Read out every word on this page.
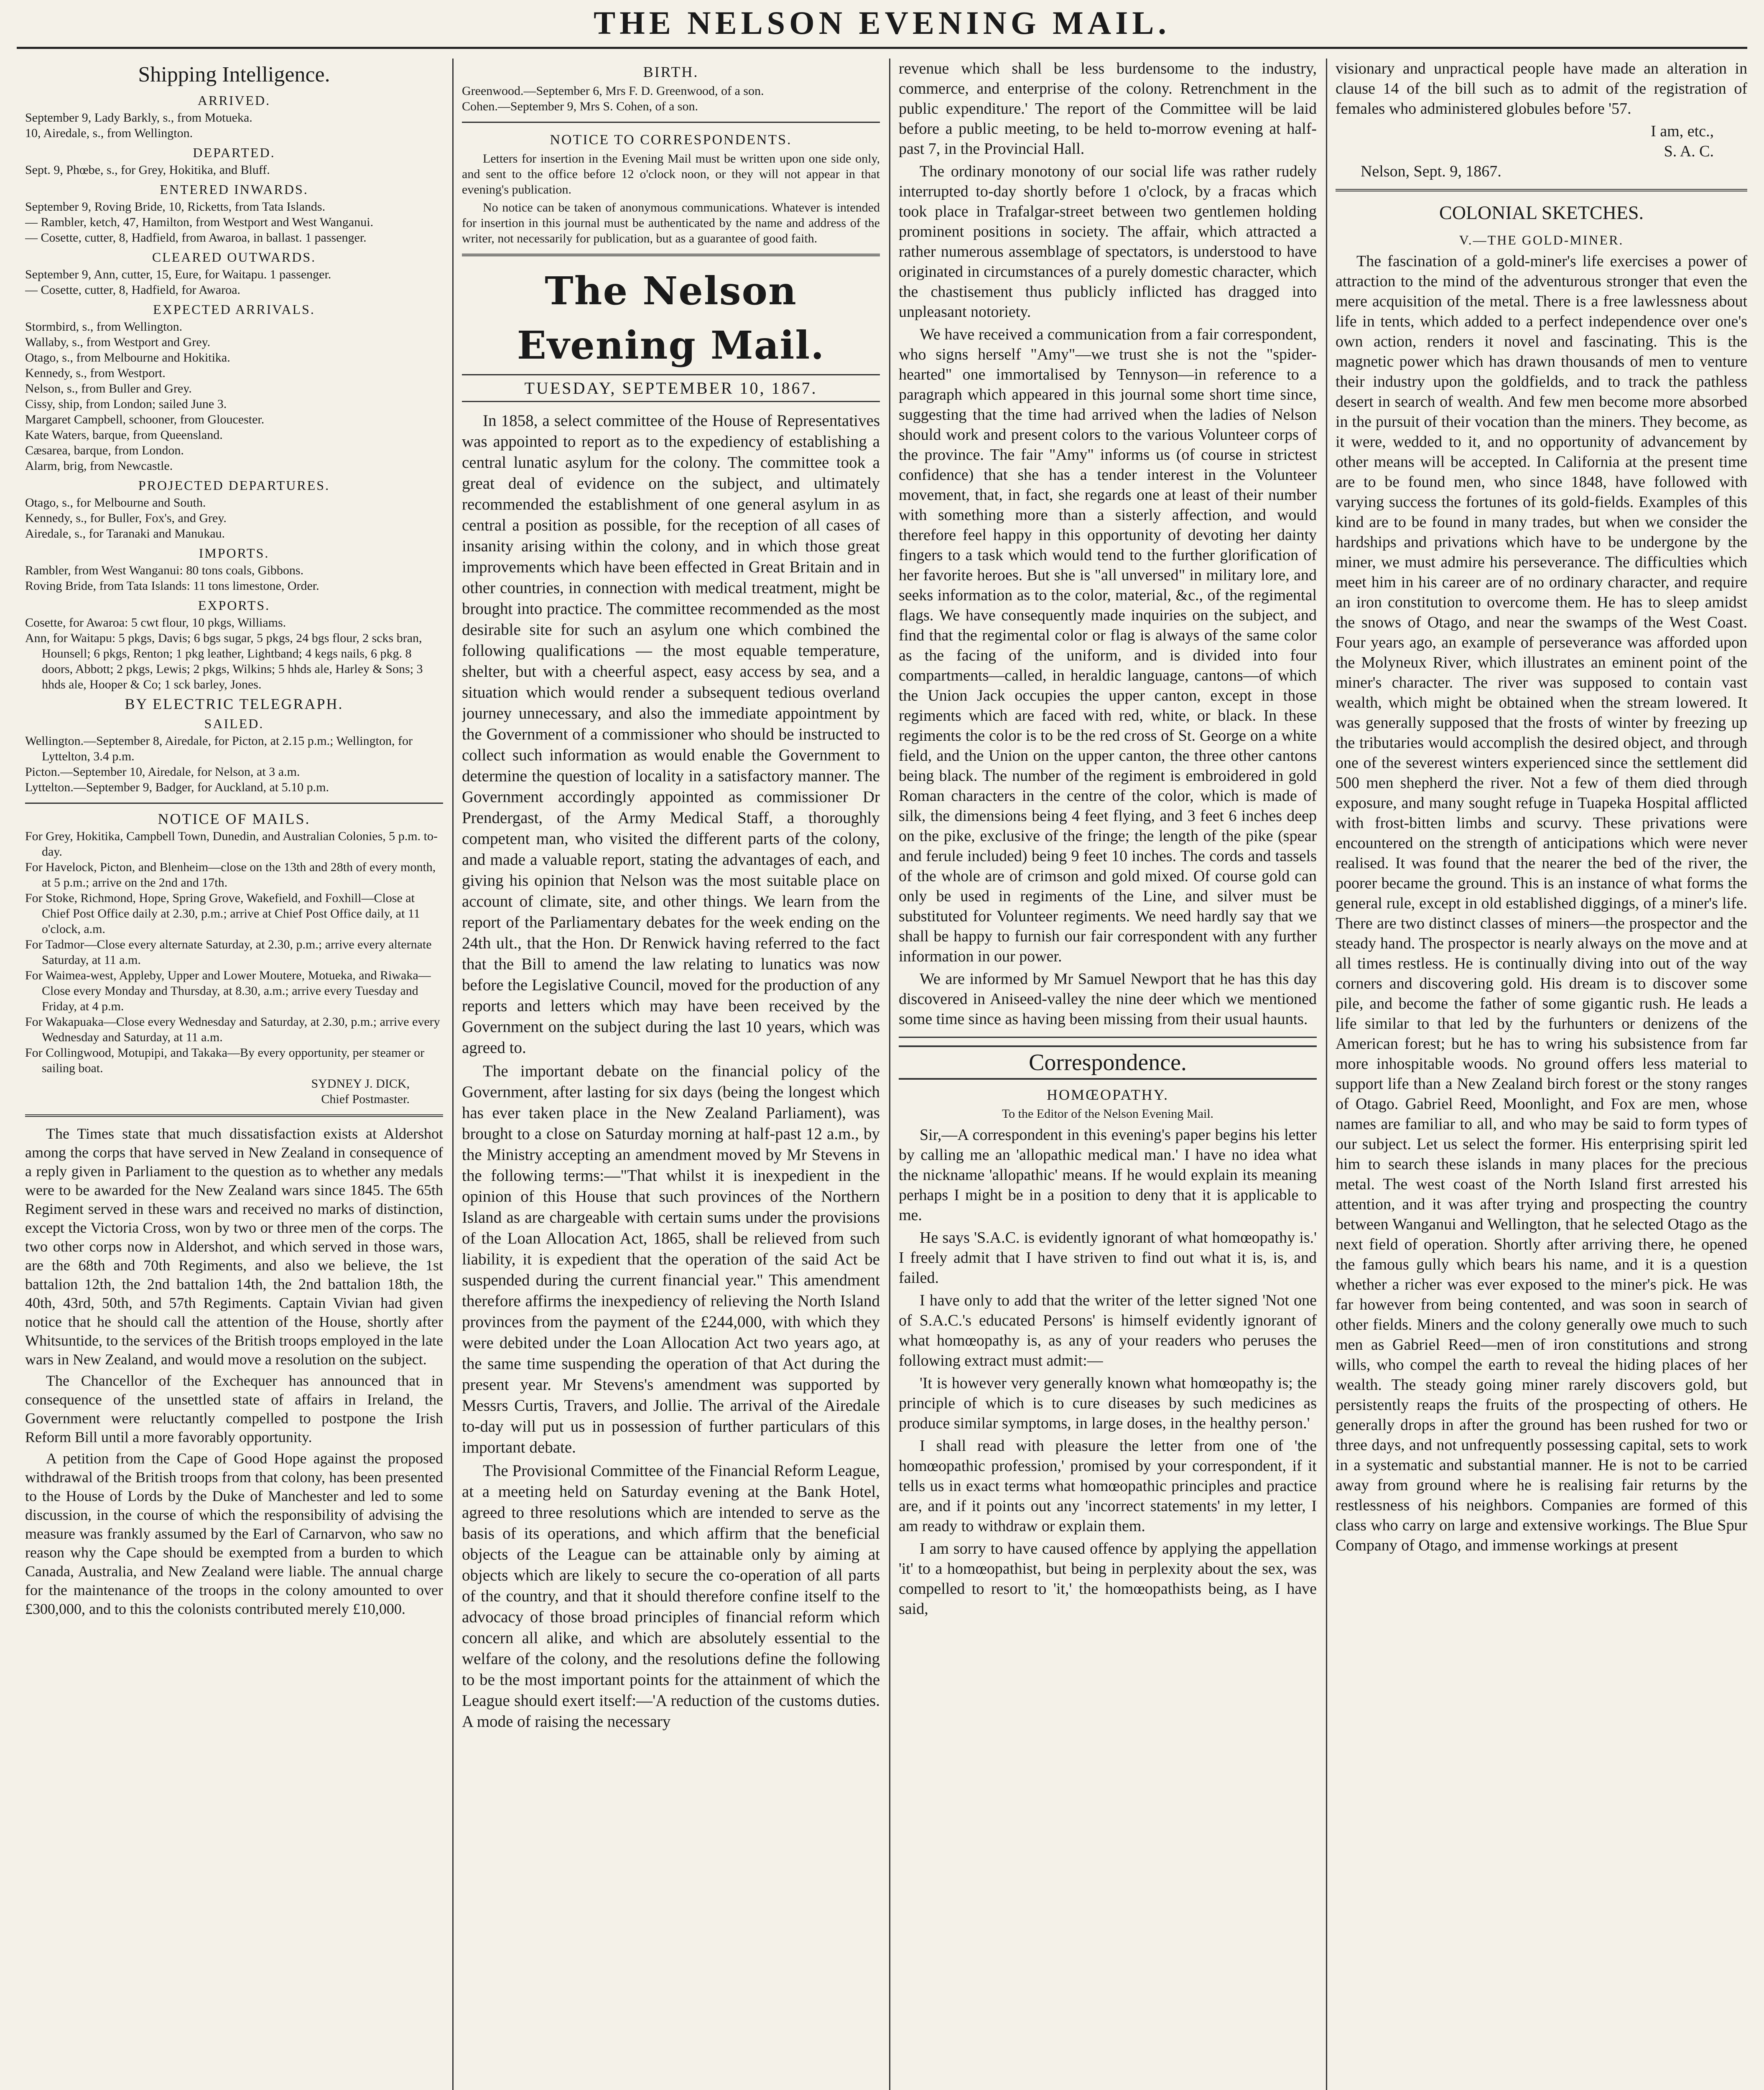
THE NELSON EVENING MAIL.
Shipping Intelligence.
ARRIVED.
September 9, Lady Barkly, s., from Motueka.
10, Airedale, s., from Wellington.
DEPARTED.
Sept. 9, Phœbe, s., for Grey, Hokitika, and Bluff.
ENTERED INWARDS.
September 9, Roving Bride, 10, Ricketts, from Tata Islands.
— Rambler, ketch, 47, Hamilton, from Westport and West Wanganui.
— Cosette, cutter, 8, Hadfield, from Awaroa, in ballast. 1 passenger.
CLEARED OUTWARDS.
September 9, Ann, cutter, 15, Eure, for Waitapu. 1 passenger.
— Cosette, cutter, 8, Hadfield, for Awaroa.
EXPECTED ARRIVALS.
Stormbird, s., from Wellington.
Wallaby, s., from Westport and Grey.
Otago, s., from Melbourne and Hokitika.
Kennedy, s., from Westport.
Nelson, s., from Buller and Grey.
Cissy, ship, from London; sailed June 3.
Margaret Campbell, schooner, from Gloucester.
Kate Waters, barque, from Queensland.
Cæsarea, barque, from London.
Alarm, brig, from Newcastle.
PROJECTED DEPARTURES.
Otago, s., for Melbourne and South.
Kennedy, s., for Buller, Fox's, and Grey.
Airedale, s., for Taranaki and Manukau.
IMPORTS.
Rambler, from West Wanganui: 80 tons coals, Gibbons.
Roving Bride, from Tata Islands: 11 tons limestone, Order.
EXPORTS.
Cosette, for Awaroa: 5 cwt flour, 10 pkgs, Williams.
Ann, for Waitapu: 5 pkgs, Davis; 6 bgs sugar, 5 pkgs, 24 bgs flour, 2 scks bran, Hounsell; 6 pkgs, Renton; 1 pkg leather, Lightband; 4 kegs nails, 6 pkg. 8 doors, Abbott; 2 pkgs, Lewis; 2 pkgs, Wilkins; 5 hhds ale, Harley & Sons; 3 hhds ale, Hooper & Co; 1 sck barley, Jones.
BY ELECTRIC TELEGRAPH.
SAILED.
Wellington.—September 8, Airedale, for Picton, at 2.15 p.m.; Wellington, for Lyttelton, 3.4 p.m.
Picton.—September 10, Airedale, for Nelson, at 3 a.m.
Lyttelton.—September 9, Badger, for Auckland, at 5.10 p.m.
NOTICE OF MAILS.
For Grey, Hokitika, Campbell Town, Dunedin, and Australian Colonies, 5 p.m. to-day.
For Havelock, Picton, and Blenheim—close on the 13th and 28th of every month, at 5 p.m.; arrive on the 2nd and 17th.
For Stoke, Richmond, Hope, Spring Grove, Wakefield, and Foxhill—Close at Chief Post Office daily at 2.30, p.m.; arrive at Chief Post Office daily, at 11 o'clock, a.m.
For Tadmor—Close every alternate Saturday, at 2.30, p.m.; arrive every alternate Saturday, at 11 a.m.
For Waimea-west, Appleby, Upper and Lower Moutere, Motueka, and Riwaka—Close every Monday and Thursday, at 8.30, a.m.; arrive every Tuesday and Friday, at 4 p.m.
For Wakapuaka—Close every Wednesday and Saturday, at 2.30, p.m.; arrive every Wednesday and Saturday, at 11 a.m.
For Collingwood, Motupipi, and Takaka—By every opportunity, per steamer or sailing boat.
SYDNEY J. DICK,
Chief Postmaster.

The Times state that much dissatisfaction exists at Aldershot among the corps that have served in New Zealand in consequence of a reply given in Parliament to the question as to whether any medals were to be awarded for the New Zealand wars since 1845. The 65th Regiment served in these wars and received no marks of distinction, except the Victoria Cross, won by two or three men of the corps. The two other corps now in Aldershot, and which served in those wars, are the 68th and 70th Regiments, and also we believe, the 1st battalion 12th, the 2nd battalion 14th, the 2nd battalion 18th, the 40th, 43rd, 50th, and 57th Regiments. Captain Vivian had given notice that he should call the attention of the House, shortly after Whitsuntide, to the services of the British troops employed in the late wars in New Zealand, and would move a resolution on the subject.

The Chancellor of the Exchequer has announced that in consequence of the unsettled state of affairs in Ireland, the Government were reluctantly compelled to postpone the Irish Reform Bill until a more favorably opportunity.

A petition from the Cape of Good Hope against the proposed withdrawal of the British troops from that colony, has been presented to the House of Lords by the Duke of Manchester and led to some discussion, in the course of which the responsibility of advising the measure was frankly assumed by the Earl of Carnarvon, who saw no reason why the Cape should be exempted from a burden to which Canada, Australia, and New Zealand were liable. The annual charge for the maintenance of the troops in the colony amounted to over £300,000, and to this the colonists contributed merely £10,000.

BIRTH.
Greenwood.—September 6, Mrs F. D. Greenwood, of a son.
Cohen.—September 9, Mrs S. Cohen, of a son.
NOTICE TO CORRESPONDENTS.

Letters for insertion in the Evening Mail must be written upon one side only, and sent to the office before 12 o'clock noon, or they will not appear in that evening's publication.

No notice can be taken of anonymous communications. Whatever is intended for insertion in this journal must be authenticated by the name and address of the writer, not necessarily for publication, but as a guarantee of good faith.

The Nelson Evening Mail.
TUESDAY, SEPTEMBER 10, 1867.

In 1858, a select committee of the House of Representatives was appointed to report as to the expediency of establishing a central lunatic asylum for the colony. The committee took a great deal of evidence on the subject, and ultimately recommended the establishment of one general asylum in as central a position as possible, for the reception of all cases of insanity arising within the colony, and in which those great improvements which have been effected in Great Britain and in other countries, in connection with medical treatment, might be brought into practice. The committee recommended as the most desirable site for such an asylum one which combined the following qualifications — the most equable temperature, shelter, but with a cheerful aspect, easy access by sea, and a situation which would render a subsequent tedious overland journey unnecessary, and also the immediate appointment by the Government of a commissioner who should be instructed to collect such information as would enable the Government to determine the question of locality in a satisfactory manner. The Government accordingly appointed as commissioner Dr Prendergast, of the Army Medical Staff, a thoroughly competent man, who visited the different parts of the colony, and made a valuable report, stating the advantages of each, and giving his opinion that Nelson was the most suitable place on account of climate, site, and other things. We learn from the report of the Parliamentary debates for the week ending on the 24th ult., that the Hon. Dr Renwick having referred to the fact that the Bill to amend the law relating to lunatics was now before the Legislative Council, moved for the production of any reports and letters which may have been received by the Government on the subject during the last 10 years, which was agreed to.

The important debate on the financial policy of the Government, after lasting for six days (being the longest which has ever taken place in the New Zealand Parliament), was brought to a close on Saturday morning at half-past 12 a.m., by the Ministry accepting an amendment moved by Mr Stevens in the following terms:—"That whilst it is inexpedient in the opinion of this House that such provinces of the Northern Island as are chargeable with certain sums under the provisions of the Loan Allocation Act, 1865, shall be relieved from such liability, it is expedient that the operation of the said Act be suspended during the current financial year." This amendment therefore affirms the inexpediency of relieving the North Island provinces from the payment of the £244,000, with which they were debited under the Loan Allocation Act two years ago, at the same time suspending the operation of that Act during the present year. Mr Stevens's amendment was supported by Messrs Curtis, Travers, and Jollie. The arrival of the Airedale to-day will put us in possession of further particulars of this important debate.

The Provisional Committee of the Financial Reform League, at a meeting held on Saturday evening at the Bank Hotel, agreed to three resolutions which are intended to serve as the basis of its operations, and which affirm that the beneficial objects of the League can be attainable only by aiming at objects which are likely to secure the co-operation of all parts of the country, and that it should therefore confine itself to the advocacy of those broad principles of financial reform which concern all alike, and which are absolutely essential to the welfare of the colony, and the resolutions define the following to be the most important points for the attainment of which the League should exert itself:—'A reduction of the customs duties. A mode of raising the necessary

revenue which shall be less burdensome to the industry, commerce, and enterprise of the colony. Retrenchment in the public expenditure.' The report of the Committee will be laid before a public meeting, to be held to-morrow evening at half-past 7, in the Provincial Hall.

The ordinary monotony of our social life was rather rudely interrupted to-day shortly before 1 o'clock, by a fracas which took place in Trafalgar-street between two gentlemen holding prominent positions in society. The affair, which attracted a rather numerous assemblage of spectators, is understood to have originated in circumstances of a purely domestic character, which the chastisement thus publicly inflicted has dragged into unpleasant notoriety.

We have received a communication from a fair correspondent, who signs herself "Amy"—we trust she is not the "spider-hearted" one immortalised by Tennyson—in reference to a paragraph which appeared in this journal some short time since, suggesting that the time had arrived when the ladies of Nelson should work and present colors to the various Volunteer corps of the province. The fair "Amy" informs us (of course in strictest confidence) that she has a tender interest in the Volunteer movement, that, in fact, she regards one at least of their number with something more than a sisterly affection, and would therefore feel happy in this opportunity of devoting her dainty fingers to a task which would tend to the further glorification of her favorite heroes. But she is "all unversed" in military lore, and seeks information as to the color, material, &c., of the regimental flags. We have consequently made inquiries on the subject, and find that the regimental color or flag is always of the same color as the facing of the uniform, and is divided into four compartments—called, in heraldic language, cantons—of which the Union Jack occupies the upper canton, except in those regiments which are faced with red, white, or black. In these regiments the color is to be the red cross of St. George on a white field, and the Union on the upper canton, the three other cantons being black. The number of the regiment is embroidered in gold Roman characters in the centre of the color, which is made of silk, the dimensions being 4 feet flying, and 3 feet 6 inches deep on the pike, exclusive of the fringe; the length of the pike (spear and ferule included) being 9 feet 10 inches. The cords and tassels of the whole are of crimson and gold mixed. Of course gold can only be used in regiments of the Line, and silver must be substituted for Volunteer regiments. We need hardly say that we shall be happy to furnish our fair correspondent with any further information in our power.

We are informed by Mr Samuel Newport that he has this day discovered in Aniseed-valley the nine deer which we mentioned some time since as having been missing from their usual haunts.

Correspondence.
HOMŒOPATHY.
To the Editor of the Nelson Evening Mail.

Sir,—A correspondent in this evening's paper begins his letter by calling me an 'allopathic medical man.' I have no idea what the nickname 'allopathic' means. If he would explain its meaning perhaps I might be in a position to deny that it is applicable to me.

He says 'S.A.C. is evidently ignorant of what homœopathy is.' I freely admit that I have striven to find out what it is, is, and failed.

I have only to add that the writer of the letter signed 'Not one of S.A.C.'s educated Persons' is himself evidently ignorant of what homœopathy is, as any of your readers who peruses the following extract must admit:—

'It is however very generally known what homœopathy is; the principle of which is to cure diseases by such medicines as produce similar symptoms, in large doses, in the healthy person.'

I shall read with pleasure the letter from one of 'the homœopathic profession,' promised by your correspondent, if it tells us in exact terms what homœopathic principles and practice are, and if it points out any 'incorrect statements' in my letter, I am ready to withdraw or explain them.

I am sorry to have caused offence by applying the appellation 'it' to a homœopathist, but being in perplexity about the sex, was compelled to resort to 'it,' the homœopathists being, as I have said,

visionary and unpractical people have made an alteration in clause 14 of the bill such as to admit of the registration of females who administered globules before '57.

I am, etc.,
S. A. C.
Nelson, Sept. 9, 1867.
COLONIAL SKETCHES.
V.—THE GOLD-MINER.

The fascination of a gold-miner's life exercises a power of attraction to the mind of the adventurous stronger that even the mere acquisition of the metal. There is a free lawlessness about life in tents, which added to a perfect independence over one's own action, renders it novel and fascinating. This is the magnetic power which has drawn thousands of men to venture their industry upon the goldfields, and to track the pathless desert in search of wealth. And few men become more absorbed in the pursuit of their vocation than the miners. They become, as it were, wedded to it, and no opportunity of advancement by other means will be accepted. In California at the present time are to be found men, who since 1848, have followed with varying success the fortunes of its gold-fields. Examples of this kind are to be found in many trades, but when we consider the hardships and privations which have to be undergone by the miner, we must admire his perseverance. The difficulties which meet him in his career are of no ordinary character, and require an iron constitution to overcome them. He has to sleep amidst the snows of Otago, and near the swamps of the West Coast. Four years ago, an example of perseverance was afforded upon the Molyneux River, which illustrates an eminent point of the miner's character. The river was supposed to contain vast wealth, which might be obtained when the stream lowered. It was generally supposed that the frosts of winter by freezing up the tributaries would accomplish the desired object, and through one of the severest winters experienced since the settlement did 500 men shepherd the river. Not a few of them died through exposure, and many sought refuge in Tuapeka Hospital afflicted with frost-bitten limbs and scurvy. These privations were encountered on the strength of anticipations which were never realised. It was found that the nearer the bed of the river, the poorer became the ground. This is an instance of what forms the general rule, except in old established diggings, of a miner's life. There are two distinct classes of miners—the prospector and the steady hand. The prospector is nearly always on the move and at all times restless. He is continually diving into out of the way corners and discovering gold. His dream is to discover some pile, and become the father of some gigantic rush. He leads a life similar to that led by the furhunters or denizens of the American forest; but he has to wring his subsistence from far more inhospitable woods. No ground offers less material to support life than a New Zealand birch forest or the stony ranges of Otago. Gabriel Reed, Moonlight, and Fox are men, whose names are familiar to all, and who may be said to form types of our subject. Let us select the former. His enterprising spirit led him to search these islands in many places for the precious metal. The west coast of the North Island first arrested his attention, and it was after trying and prospecting the country between Wanganui and Wellington, that he selected Otago as the next field of operation. Shortly after arriving there, he opened the famous gully which bears his name, and it is a question whether a richer was ever exposed to the miner's pick. He was far however from being contented, and was soon in search of other fields. Miners and the colony generally owe much to such men as Gabriel Reed—men of iron constitutions and strong wills, who compel the earth to reveal the hiding places of her wealth. The steady going miner rarely discovers gold, but persistently reaps the fruits of the prospecting of others. He generally drops in after the ground has been rushed for two or three days, and not unfrequently possessing capital, sets to work in a systematic and substantial manner. He is not to be carried away from ground where he is realising fair returns by the restlessness of his neighbors. Companies are formed of this class who carry on large and extensive workings. The Blue Spur Company of Otago, and immense workings at present
